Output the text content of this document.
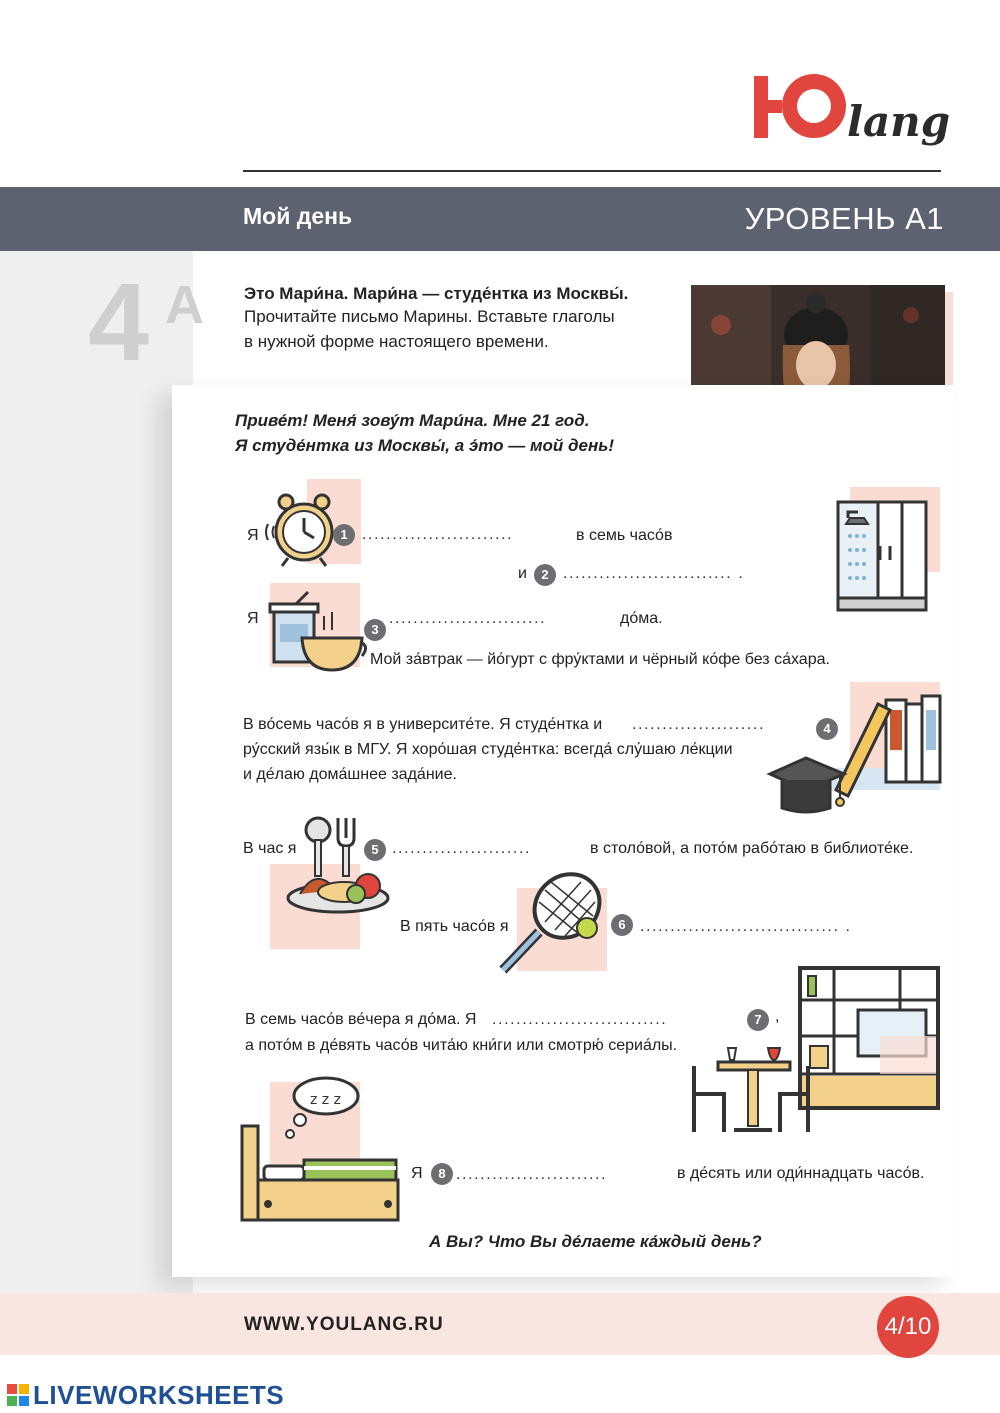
Ю
lang
Мой день	УРОВЕНЬ А1
4 А Это Мари́на. Мари́на — студе́нтка из Москвы́.
Прочитайте письмо Марины. Вставьте глаголы
в нужной форме настоящего времени.
Приве́т! Меня́ зову́т Мари́на. Мне 21 год.
Я студе́нтка из Москвы́, а э́то — мой день!
Я	1 .........................	в семь часо́в
и	2 ............................ .
Я
3
..........................	до́ма.
Мой за́втрак — йо́гурт с фру́ктами и чёрный ко́фе без са́хара.
В во́семь часо́в я в университе́те. Я студе́нтка и ......................	4
ру́сский язы́к в МГУ. Я хоро́шая студе́нтка: всегда́ слу́шаю ле́кции
и де́лаю дома́шнее зада́ние.
В час я	5 .......................	в столо́вой, а пото́м рабо́таю в библиоте́ке.
В пять часо́в я	6 ................................. .
В семь часо́в ве́чера я до́ма. Я .............................	7 ,
а пото́м в де́вять часо́в чита́ю кни́ги или смотрю́ сериа́лы.
z z z
Я	8 .........................	в де́сять или оди́ннадцать часо́в.
А Вы? Что Вы де́лаете ка́ждый день?
WWW.YOULANG.RU	4/10
LIVEWORKSHEETS
